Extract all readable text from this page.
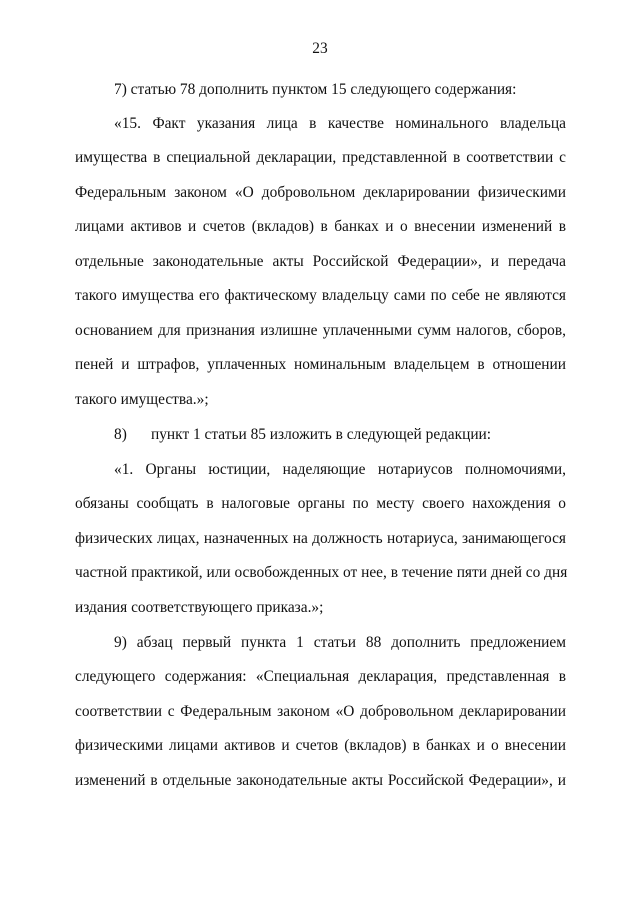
23
7) статью 78 дополнить пунктом 15 следующего содержания:
«15. Факт указания лица в качестве номинального владельца
имущества в специальной декларации, представленной в соответствии с
Федеральным законом «О добровольном декларировании физическими
лицами активов и счетов (вкладов) в банках и о внесении изменений в
отдельные законодательные акты Российской Федерации», и передача
такого имущества его фактическому владельцу сами по себе не являются
основанием для признания излишне уплаченными сумм налогов, сборов,
пеней и штрафов, уплаченных номинальным владельцем в отношении
такого имущества.»;
8) пункт 1 статьи 85 изложить в следующей редакции:
«1. Органы юстиции, наделяющие нотариусов полномочиями,
обязаны сообщать в налоговые органы по месту своего нахождения о
физических лицах, назначенных на должность нотариуса, занимающегося
частной практикой, или освобожденных от нее, в течение пяти дней со дня
издания соответствующего приказа.»;
9) абзац первый пункта 1 статьи 88 дополнить предложением
следующего содержания: «Специальная декларация, представленная в
соответствии с Федеральным законом «О добровольном декларировании
физическими лицами активов и счетов (вкладов) в банках и о внесении
изменений в отдельные законодательные акты Российской Федерации», и
